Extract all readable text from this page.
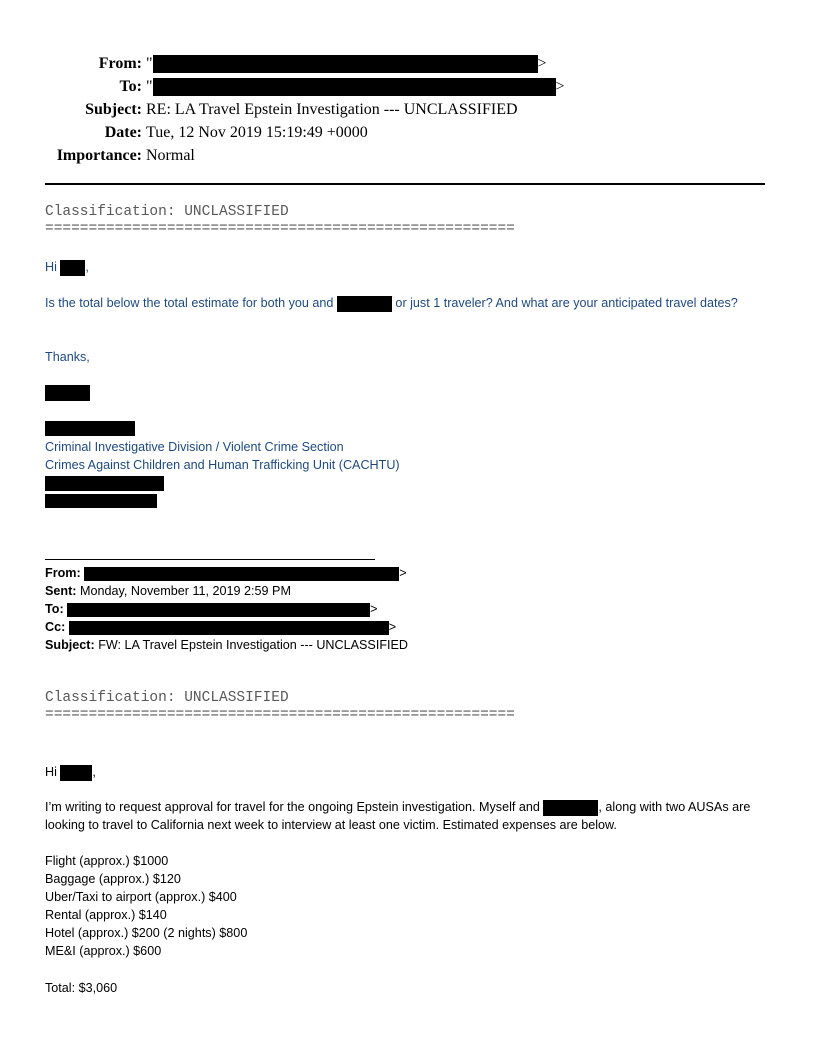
From: "	>
To: "	>
Subject: RE: LA Travel Epstein Investigation --- UNCLASSIFIED
Date: Tue, 12 Nov 2019 15:19:49 +0000
Importance: Normal
Classification: UNCLASSIFIED
======================================================
Hi ,

Is the total below the total estimate for both you and	or just 1 traveler? And what are your anticipated travel dates?

Thanks,
Criminal Investigative Division / Violent Crime Section
Crimes Against Children and Human Trafficking Unit (CACHTU)
From:	>
Sent: Monday, November 11, 2019 2:59 PM
To:	>
Cc:	>
Subject: FW: LA Travel Epstein Investigation --- UNCLASSIFIED
Classification: UNCLASSIFIED
======================================================
Hi	,

I’m writing to request approval for travel for the ongoing Epstein investigation. Myself and	, along with two AUSAs are looking to travel to California next week to interview at least one victim. Estimated expenses are below.

Flight (approx.) $1000
Baggage (approx.) $120
Uber/Taxi to airport (approx.) $400
Rental (approx.) $140
Hotel (approx.) $200 (2 nights) $800
ME&I (approx.) $600
Total: $3,060
